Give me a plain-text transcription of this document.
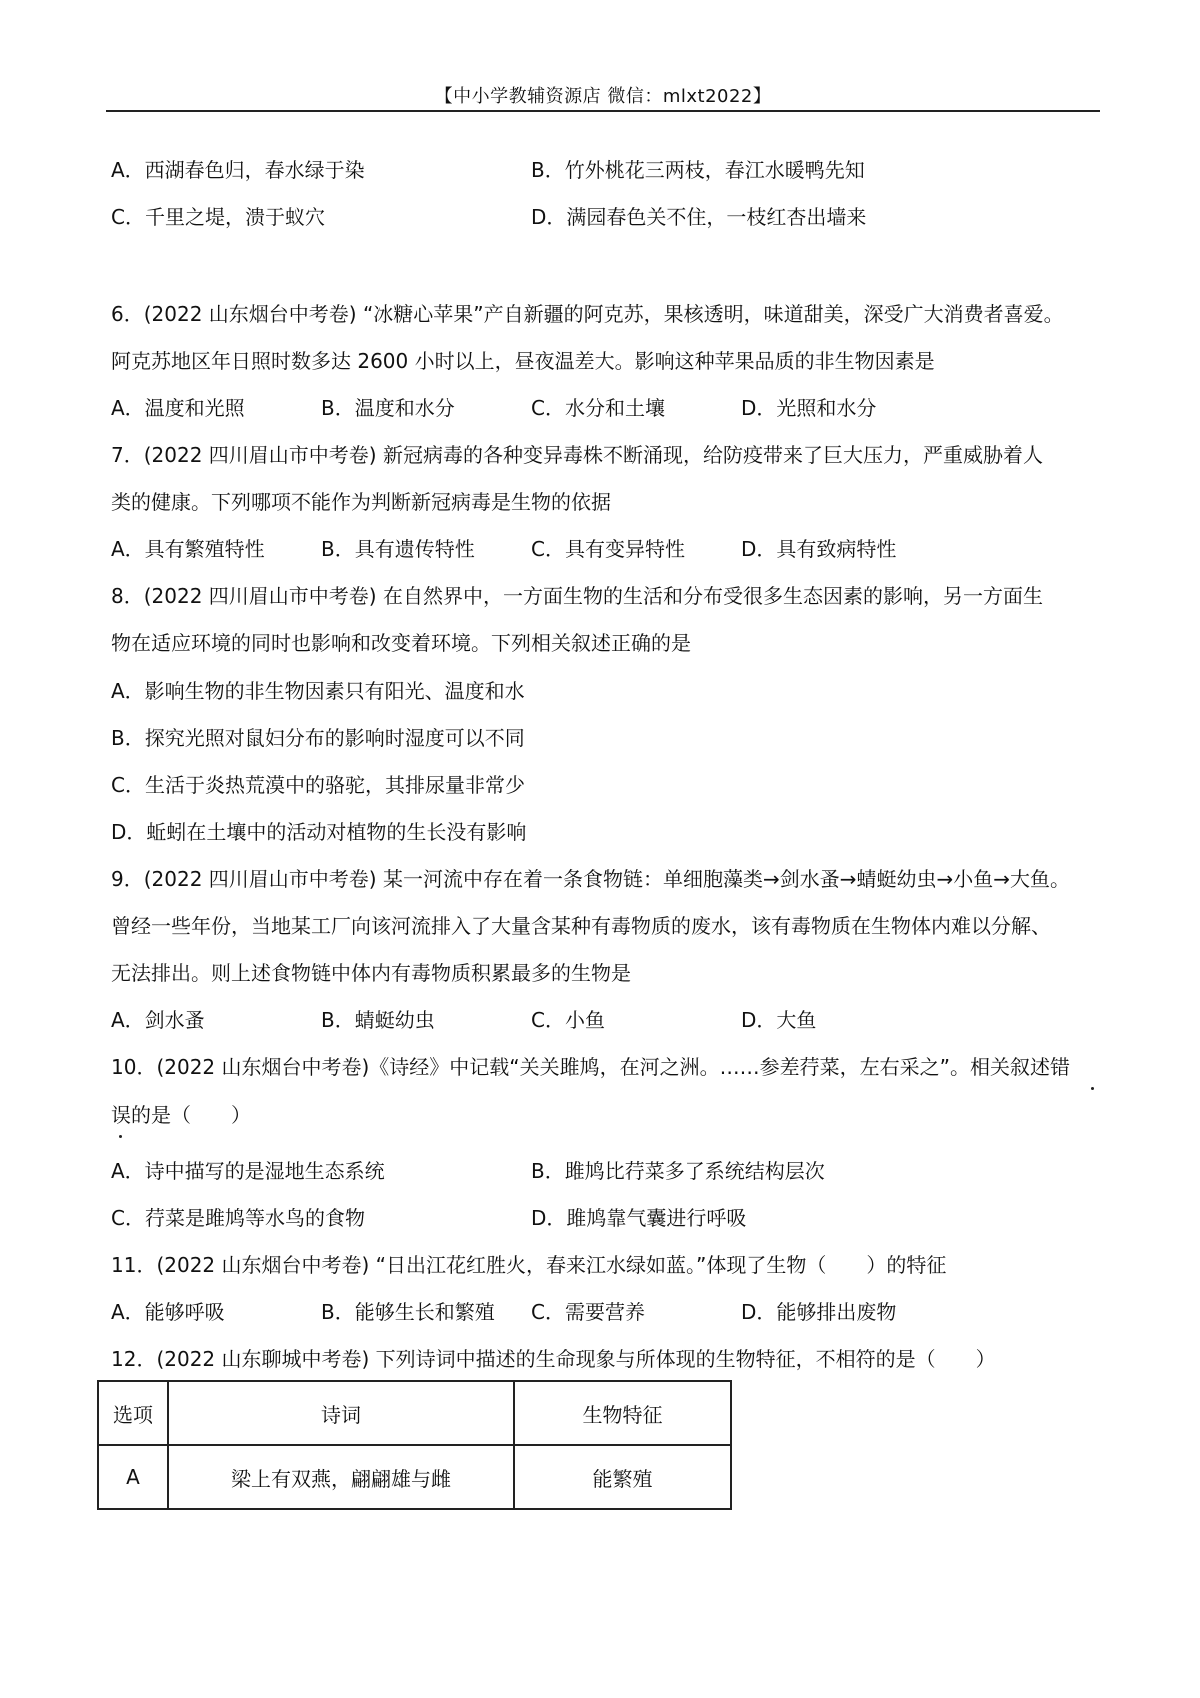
【中小学教辅资源店 微信：mlxt2022】
A．西湖春色归，春水绿于染	B．竹外桃花三两枝，春江水暖鸭先知
C．千里之堤，溃于蚁穴	D．满园春色关不住，一枝红杏出墙来
6．(2022 山东烟台中考卷) “冰糖心苹果”产自新疆的阿克苏，果核透明，味道甜美，深受广大消费者喜爱。
阿克苏地区年日照时数多达 2600 小时以上，昼夜温差大。影响这种苹果品质的非生物因素是
A．温度和光照	B．温度和水分	C．水分和土壤	D．光照和水分
7．(2022 四川眉山市中考卷) 新冠病毒的各种变异毒株不断涌现，给防疫带来了巨大压力，严重威胁着人
类的健康。下列哪项不能作为判断新冠病毒是生物的依据
A．具有繁殖特性	B．具有遗传特性	C．具有变异特性	D．具有致病特性
8．(2022 四川眉山市中考卷) 在自然界中，一方面生物的生活和分布受很多生态因素的影响，另一方面生
物在适应环境的同时也影响和改变着环境。下列相关叙述正确的是
A．影响生物的非生物因素只有阳光、温度和水
B．探究光照对鼠妇分布的影响时湿度可以不同
C．生活于炎热荒漠中的骆驼，其排尿量非常少
D．蚯蚓在土壤中的活动对植物的生长没有影响
9．(2022 四川眉山市中考卷) 某一河流中存在着一条食物链：单细胞藻类→剑水蚤→蜻蜓幼虫→小鱼→大鱼。
曾经一些年份，当地某工厂向该河流排入了大量含某种有毒物质的废水，该有毒物质在生物体内难以分解、
无法排出。则上述食物链中体内有毒物质积累最多的生物是
A．剑水蚤	B．蜻蜓幼虫	C．小鱼	D．大鱼
10．(2022 山东烟台中考卷)《诗经》中记载“关关雎鸠，在河之洲。……参差荇菜，左右采之”。相关叙述错
误的是（　　）
A．诗中描写的是湿地生态系统	B．雎鸠比荇菜多了系统结构层次
C．荇菜是雎鸠等水鸟的食物	D．雎鸠靠气囊进行呼吸
11．(2022 山东烟台中考卷) “日出江花红胜火，春来江水绿如蓝。”体现了生物（　　）的特征
A．能够呼吸	B．能够生长和繁殖 C．需要营养	D．能够排出废物
12．(2022 山东聊城中考卷) 下列诗词中描述的生命现象与所体现的生物特征，不相符的是（　　）
选项	诗词	生物特征
A	梁上有双燕，翩翩雄与雌	能繁殖
